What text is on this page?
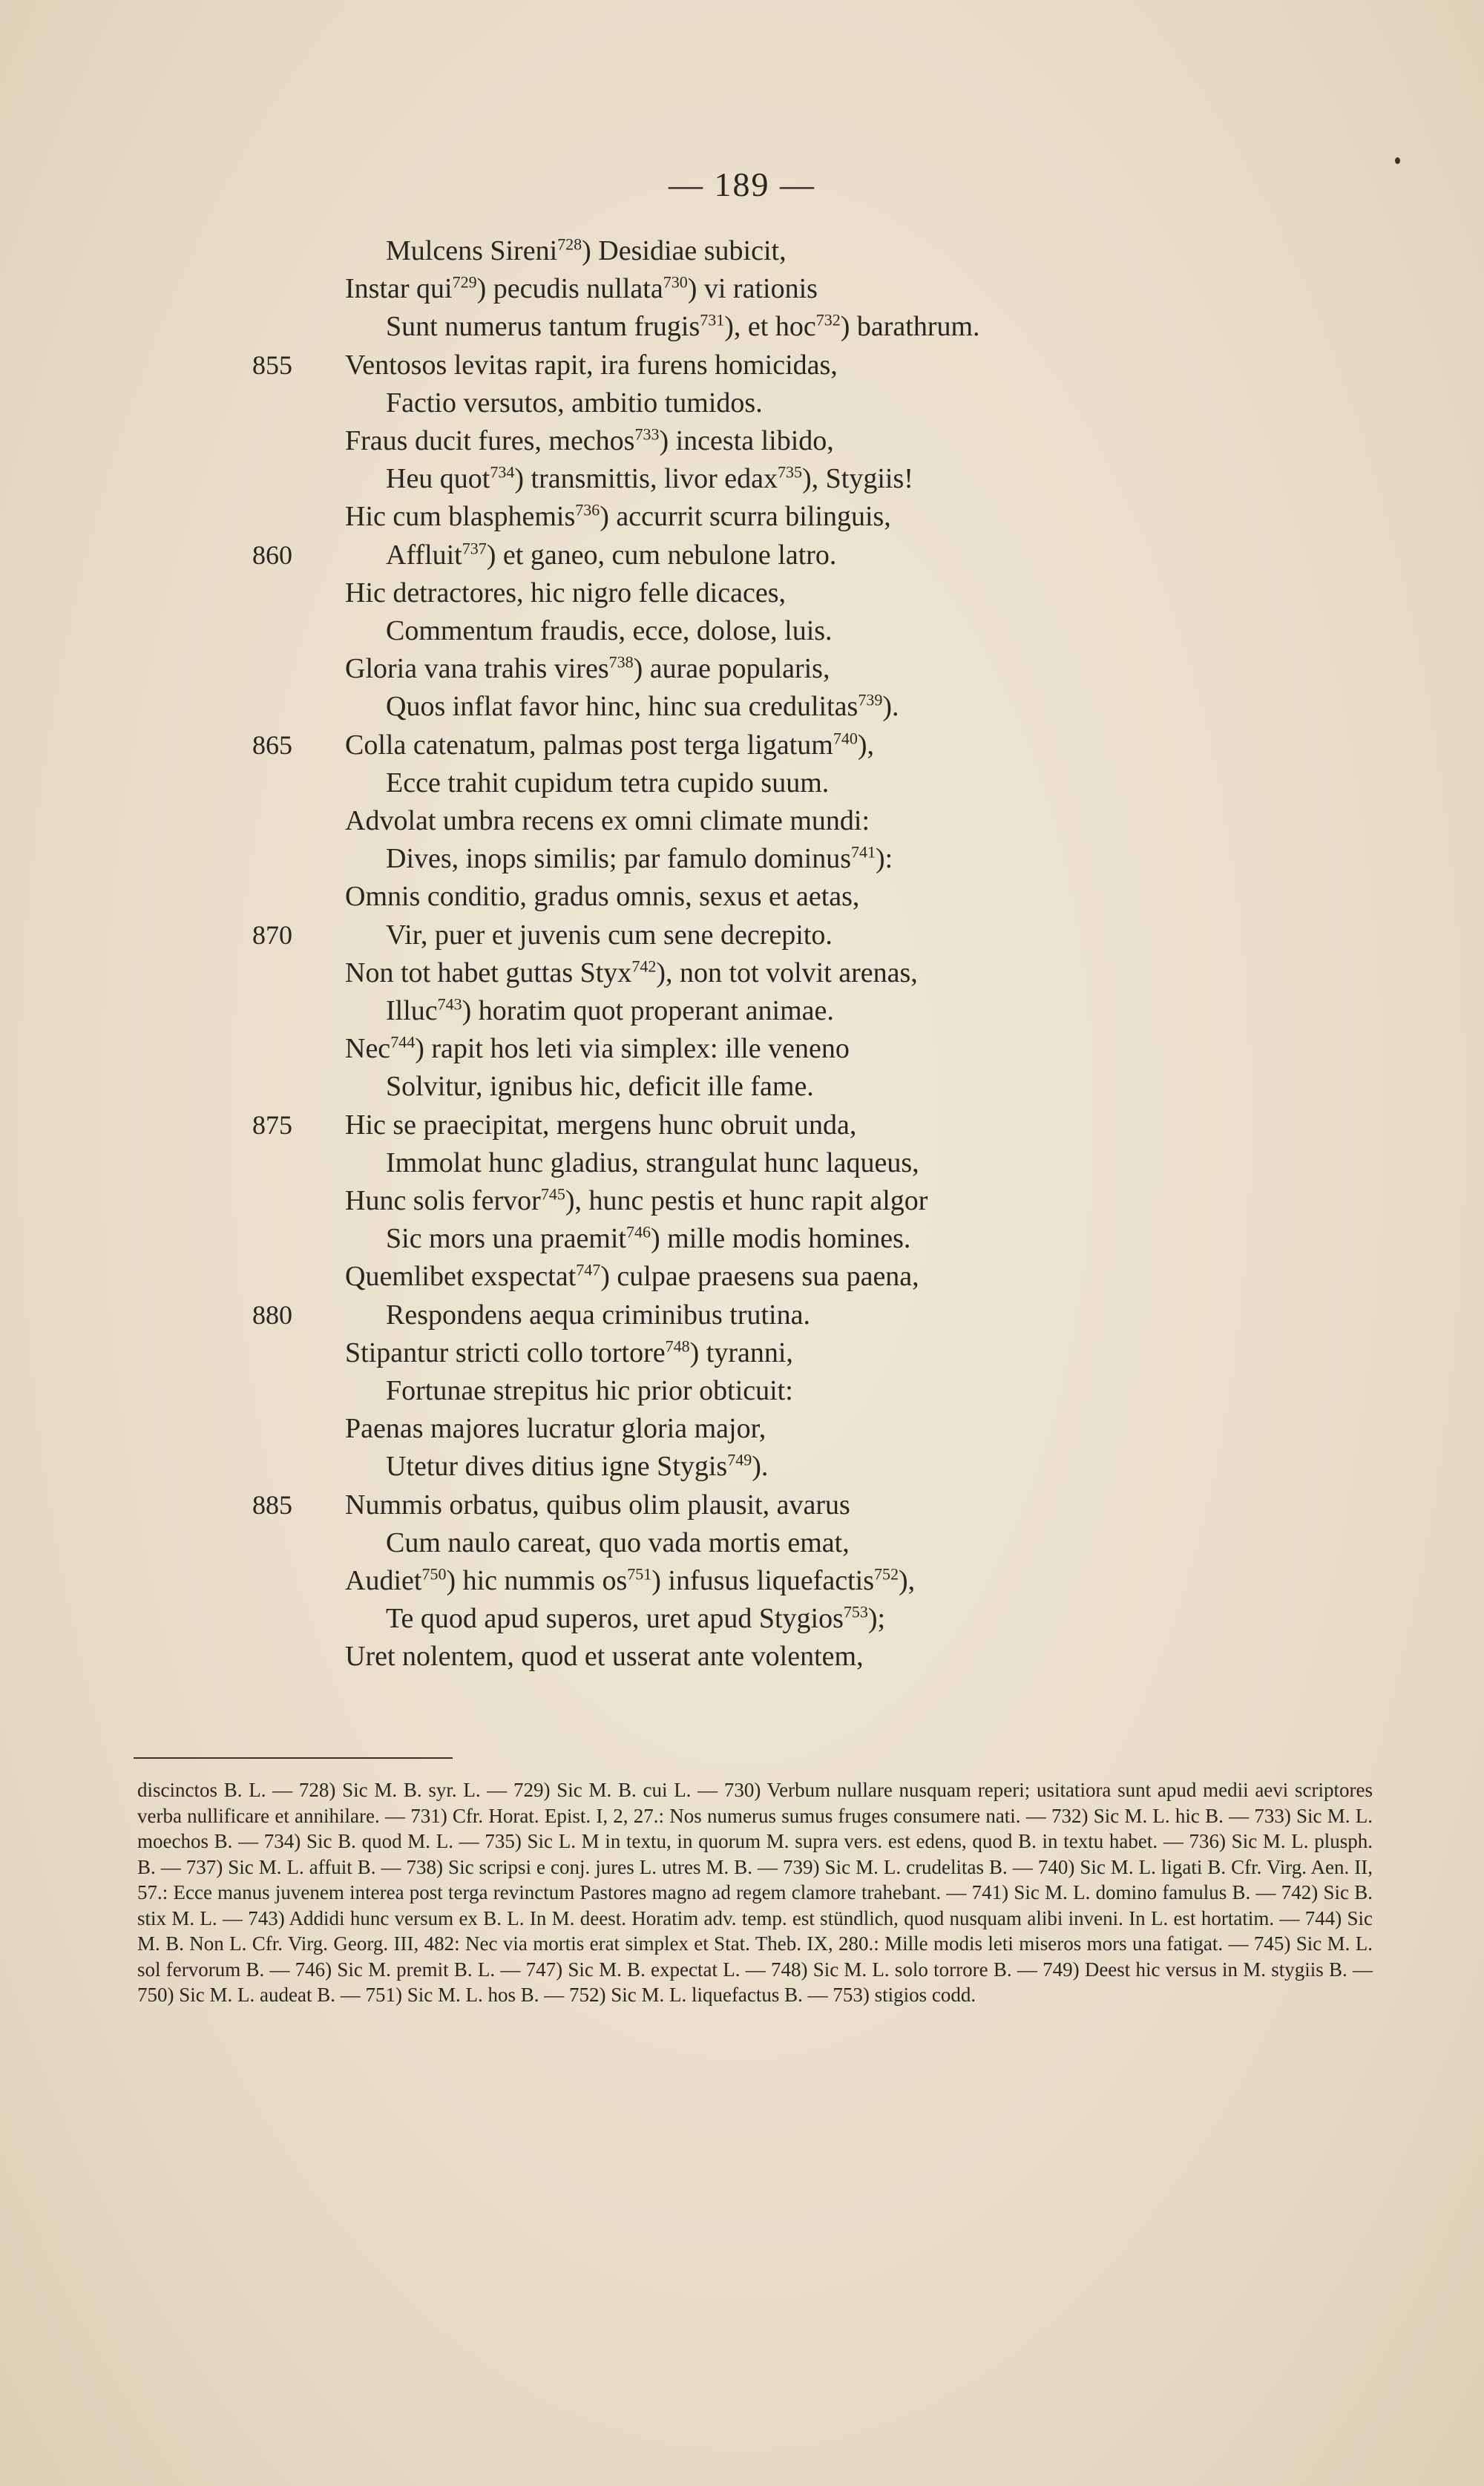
— 189 —
Mulcens Sireni$^{728}$) Desidiae subicit,
Instar qui$^{729}$) pecudis nullata$^{730}$) vi rationis
Sunt numerus tantum frugis$^{731}$), et hoc$^{732}$) barathrum.
855	Ventosos levitas rapit, ira furens homicidas,
Factio versutos, ambitio tumidos.
Fraus ducit fures, mechos$^{733}$) incesta libido,
Heu quot$^{734}$) transmittis, livor edax$^{735}$), Stygiis!
Hic cum blasphemis$^{736}$) accurrit scurra bilinguis,
860	Affluit$^{737}$) et ganeo, cum nebulone latro.
Hic detractores, hic nigro felle dicaces,
Commentum fraudis, ecce, dolose, luis.
Gloria vana trahis vires$^{738}$) aurae popularis,
Quos inflat favor hinc, hinc sua credulitas$^{739}$).
865	Colla catenatum, palmas post terga ligatum$^{740}$),
Ecce trahit cupidum tetra cupido suum.
Advolat umbra recens ex omni climate mundi:
Dives, inops similis; par famulo dominus$^{741}$):
Omnis conditio, gradus omnis, sexus et aetas,
870	Vir, puer et juvenis cum sene decrepito.
Non tot habet guttas Styx$^{742}$), non tot volvit arenas,
Illuc$^{743}$) horatim quot properant animae.
Nec$^{744}$) rapit hos leti via simplex: ille veneno
Solvitur, ignibus hic, deficit ille fame.
875	Hic se praecipitat, mergens hunc obruit unda,
Immolat hunc gladius, strangulat hunc laqueus,
Hunc solis fervor$^{745}$), hunc pestis et hunc rapit algor
Sic mors una praemit$^{746}$) mille modis homines.
Quemlibet exspectat$^{747}$) culpae praesens sua paena,
880	Respondens aequa criminibus trutina.
Stipantur stricti collo tortore$^{748}$) tyranni,
Fortunae strepitus hic prior obticuit:
Paenas majores lucratur gloria major,
Utetur dives ditius igne Stygis$^{749}$).
885	Nummis orbatus, quibus olim plausit, avarus
Cum naulo careat, quo vada mortis emat,
Audiet$^{750}$) hic nummis $os^{751}$) infusus liquefactis$^{752}$),
Te quod apud superos, uret apud Stygios$^{753}$);
Uret nolentem, quod et usserat ante volentem,

discinctos B. L. — 728) Sic M. B. syr. L. — 729) Sic M. B. cui L. — 730) Verbum nullare nusquam reperi; usitatiora sunt apud medii aevi scriptores verba nullificare et annihilare. — 731) Cfr. Horat. Epist. I, 2, 27.: Nos numerus sumus fruges consumere nati. — 732) Sic M. L. hic B. — 733) Sic M. L. moechos B. — 734) Sic B. quod M. L. — 735) Sic L. M in textu, in quorum M. supra vers. est edens, quod B. in textu habet. — 736) Sic M. L. plusph. B. — 737) Sic M. L. affuit B. — 738) Sic scripsi e conj. jures L. utres M. B. — 739) Sic M. L. crudelitas B. — 740) Sic M. L. ligati B. Cfr. Virg. Aen. II, 57.: Ecce manus juvenem interea post terga revinctum Pastores magno ad regem clamore trahebant. — 741) Sic M. L. domino famulus B. — 742) Sic B. stix M. L. — 743) Addidi hunc versum ex B. L. In M. deest. Horatim adv. temp. est stündlich, quod nusquam alibi inveni. In L. est hortatim. — 744) Sic M. B. Non L. Cfr. Virg. Georg. III, 482: Nec via mortis erat simplex et Stat. Theb. IX, 280.: Mille modis leti miseros mors una fatigat. — 745) Sic M. L. sol fervorum B. — 746) Sic M. premit B. L. — 747) Sic M. B. expectat L. — 748) Sic M. L. solo torrore B. — 749) Deest hic versus in M. stygiis B. — 750) Sic M. L. audeat B. — 751) Sic M. L. hos B. — 752) Sic M. L. liquefactus B. — 753) stigios codd.
